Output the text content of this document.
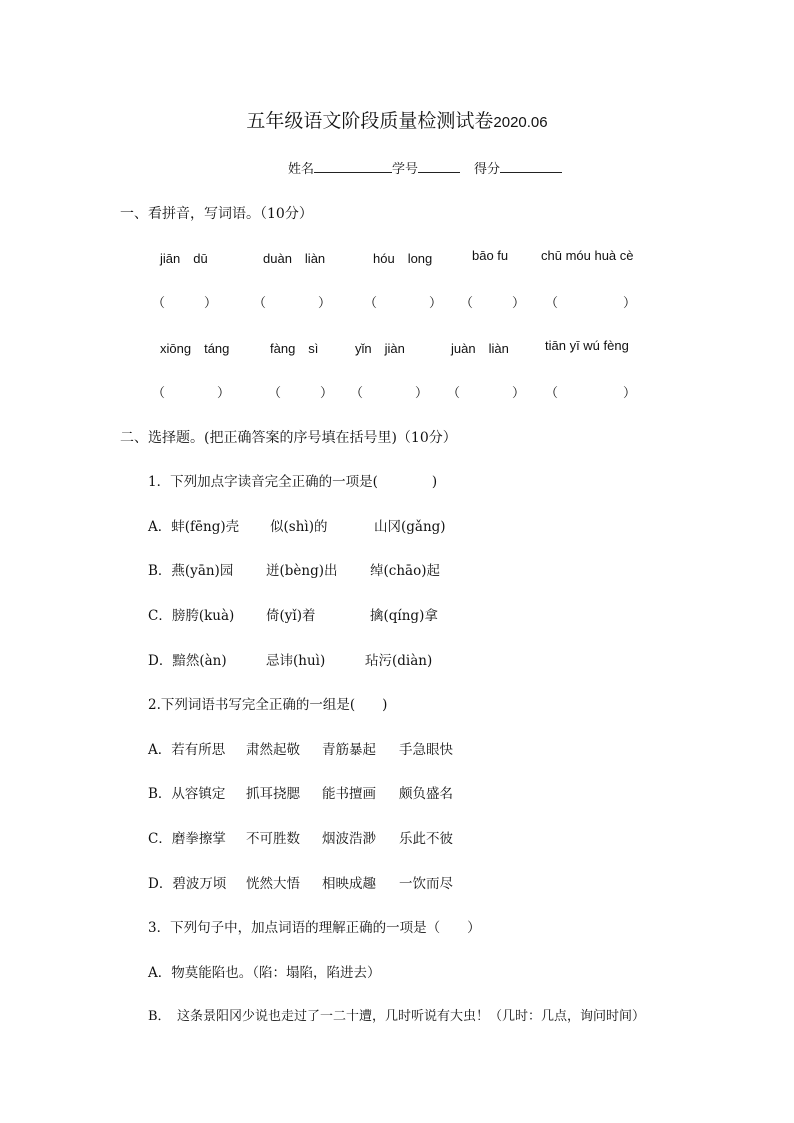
五年级语文阶段质量检测试卷2020.06
姓名	学号	得分
一、看拼音，写词语。（10分）
jiān　dū	duàn　liàn	hóu　long	bāo fu	chū móu huà cè
（　　　）	（　　　　）	（　　　　） （　　　） （　　　　　）
xiōng　táng	fàng　sì	yǐn　jiàn	juàn　liàn	tiān yī wú fèng
（　　　　）	（　　　） （　　　　） （　　　　） （　　　　　）
二、选择题。(把正确答案的序号填在括号里)（10分）
1．下列加点字读音完全正确的一项是(　　　　)
A．蚌(fēng)壳 似(shì)的	山冈(gǎng)
B．燕(yān)园 迸(bèng)出 绰(chāo)起
C．膀胯(kuà) 倚(yǐ)着	擒(qíng)拿
D．黯然(àn)	忌讳(huì)	玷污(diàn)
2.下列词语书写完全正确的一组是(　　)
A．若有所思 肃然起敬 青筋暴起 手急眼快
B．从容镇定 抓耳挠腮 能书擅画 颇负盛名
C．磨拳擦掌 不可胜数 烟波浩渺 乐此不彼
D．碧波万顷 恍然大悟 相映成趣 一饮而尽
3．下列句子中，加点词语的理解正确的一项是（　　）
A．物莫能陷也。（陷：塌陷，陷进去）
B．　这条景阳冈少说也走过了一二十遭，几时听说有大虫！（几时：几点，询问时间）
